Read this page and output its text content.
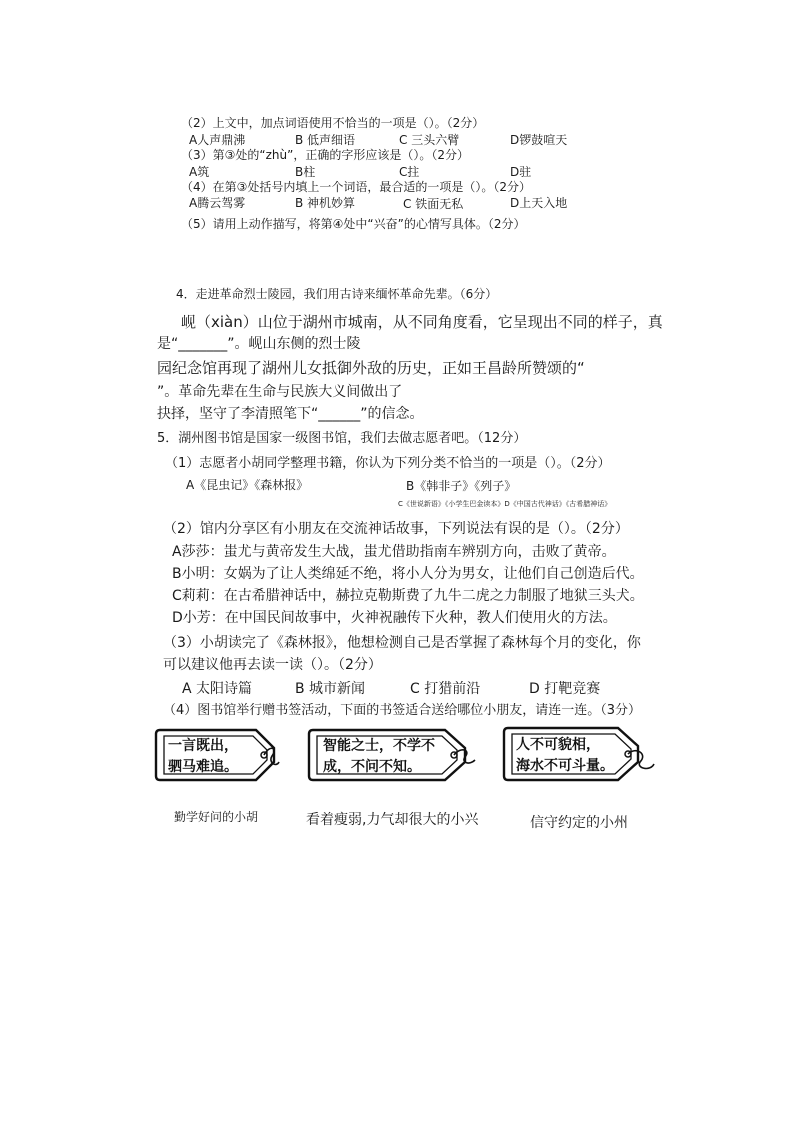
（2）上文中，加点词语使用不恰当的一项是（）。（2分）
A人声鼎沸	B 低声细语	C 三头六臂	D锣鼓喧天
（3）第③处的“zhù”，正确的字形应该是（）。（2分）
A筑	B柱	C拄	D驻
（4）在第③处括号内填上一个词语，最合适的一项是（）。（2分）
A腾云驾雾	B 神机妙算	C 铁面无私	D上天入地
（5）请用上动作描写，将第④处中“兴奋”的心情写具体。（2分）
4．走进革命烈士陵园，我们用古诗来缅怀革命先辈。（6分）
岘（xiàn）山位于湖州市城南，从不同角度看，它呈现出不同的样子，真
是“_______”。岘山东侧的烈士陵
园纪念馆再现了湖州儿女抵御外敌的历史，正如王昌龄所赞颂的“
”。革命先辈在生命与民族大义间做出了
抉择，坚守了李清照笔下“______”的信念。
5．湖州图书馆是国家一级图书馆，我们去做志愿者吧。（12分）
（1）志愿者小胡同学整理书籍，你认为下列分类不恰当的一项是（）。（2分）
A《昆虫记》《森林报》	B《韩非子》《列子》
C《世说新语》《小学生巴金读本》D《中国古代神话》《古希腊神话》
（2）馆内分享区有小朋友在交流神话故事，下列说法有误的是（）。（2分）
A莎莎：蚩尤与黄帝发生大战，蚩尤借助指南车辨别方向，击败了黄帝。
B小明：女娲为了让人类绵延不绝，将小人分为男女，让他们自己创造后代。
C莉莉：在古希腊神话中，赫拉克勒斯费了九牛二虎之力制服了地狱三头犬。
D小芳：在中国民间故事中，火神祝融传下火种，教人们使用火的方法。
（3）小胡读完了《森林报》，他想检测自己是否掌握了森林每个月的变化，你
可以建议他再去读一读（）。（2分）
A 太阳诗篇	B 城市新闻	C 打猎前沿	D 打靶竞赛
（4）图书馆举行赠书签活动，下面的书签适合送给哪位小朋友，请连一连。（3分）
一言既出，
驷马难追。
智能之士，不学不
成，不问不知。
人不可貌相，
海水不可斗量。
勤学好问的小胡	看着瘦弱,力气却很大的小兴	信守约定的小州
